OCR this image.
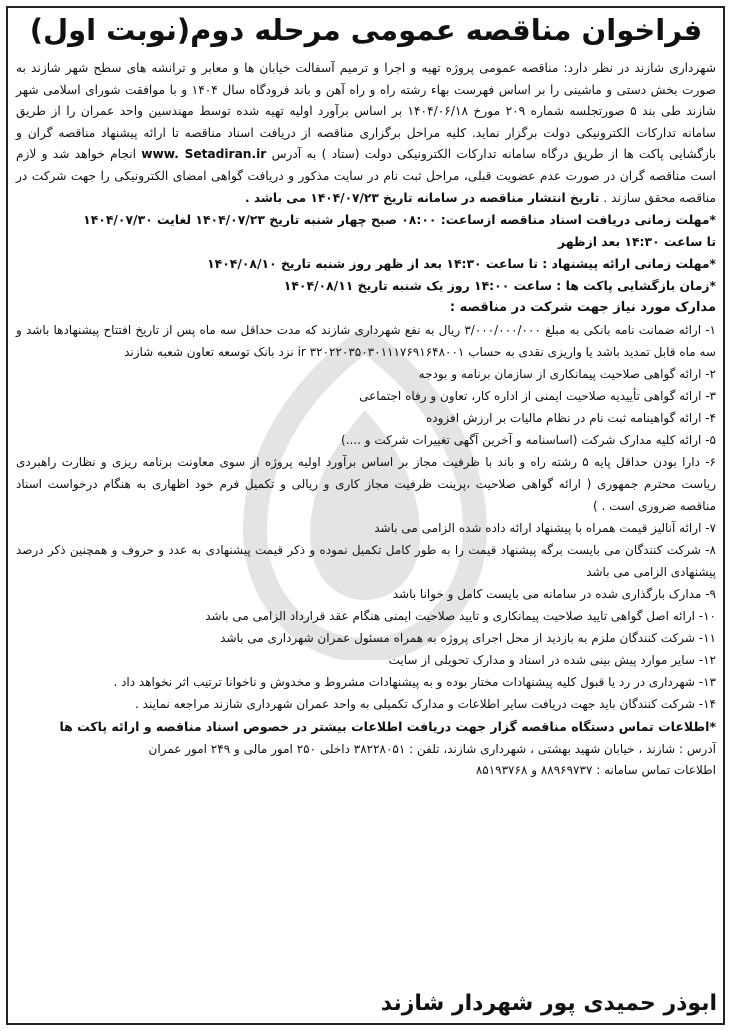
فراخوان مناقصه عمومی مرحله دوم(نوبت اول)

شهرداری شازند در نظر دارد: مناقصه عمومی پروژه تهیه و اجرا و ترمیم آسفالت خیابان ها و معابر و ترانشه های سطح شهر شازند به صورت بخش دستی و ماشینی را بر اساس فهرست بهاء رشته راه و راه آهن و باند فرودگاه سال ۱۴۰۴ و با موافقت شورای اسلامی شهر شازند طی بند ۵ صورتجلسه شماره ۲۰۹ مورخ ۱۴۰۴/۰۶/۱۸ بر اساس برآورد اولیه تهیه شده توسط مهندسین واحد عمران را از طریق سامانه تدارکات الکترونیکی دولت برگزار نماید. کلیه مراحل برگزاری مناقصه از دریافت اسناد مناقصه تا ارائه پیشنهاد مناقصه گران و بازگشایی پاکت ها از طریق درگاه سامانه تدارکات الکترونیکی دولت (ستاد ) به آدرس www. Setadiran.ir انجام خواهد شد و لازم است مناقصه گران در صورت عدم عضویت قبلی، مراحل ثبت نام در سایت مذکور و دریافت گواهی امضای الکترونیکی را جهت شرکت در مناقصه محقق سازند . تاریخ انتشار مناقصه در سامانه تاریخ ۱۴۰۴/۰۷/۲۳ می باشد .

*مهلت زمانی دریافت اسناد مناقصه ازساعت: ۰۸:۰۰ صبح چهار شنبه تاریخ ۱۴۰۴/۰۷/۲۳ لغایت ۱۴۰۴/۰۷/۳۰

تا ساعت ۱۴:۳۰ بعد ازظهر

*مهلت زمانی ارائه پیشنهاد : تا ساعت ۱۴:۳۰ بعد از ظهر روز شنبه تاریخ ۱۴۰۴/۰۸/۱۰

*زمان بازگشایی پاکت ها : ساعت ۱۴:۰۰ روز یک شنبه تاریخ ۱۴۰۴/۰۸/۱۱

مدارک مورد نیاز جهت شرکت در مناقصه :

۱- ارائه ضمانت نامه بانکی به مبلغ ۳/۰۰۰/۰۰۰/۰۰۰ ریال به نفع شهرداری شازند که مدت حداقل سه ماه پس از تاریخ افتتاح پیشنهادها باشد و سه ماه قابل تمدید باشد یا واریزی نقدی به حساب ir ۳۲۰۲۲۰۳۵۰۳۰۱۱۱۷۶۹۱۶۴۸۰۰۱ نزد بانک توسعه تعاون شعبه شازند
۲- ارائه گواهی صلاحیت پیمانکاری از سازمان برنامه و بودجه
۳- ارائه گواهی تأییدیه صلاحیت ایمنی از اداره کار، تعاون و رفاه اجتماعی
۴- ارائه گواهینامه ثبت نام در نظام مالیات بر ارزش افزوده
۵- ارائه کلیه مدارک شرکت (اساسنامه و آخرین آگهی تغییرات شرکت و ....)
۶- دارا بودن حداقل پایه ۵ رشته راه و باند با ظرفیت مجاز بر اساس برآورد اولیه پروژه از سوی معاونت برنامه ریزی و نظارت راهبردی ریاست محترم جمهوری ( ارائه گواهی صلاحیت ،پرینت ظرفیت مجاز کاری و ریالی و تکمیل فرم خود اظهاری به هنگام درخواست اسناد مناقصه ضروری است . )
۷- ارائه آنالیز قیمت همراه با پیشنهاد ارائه داده شده الزامی می باشد
۸- شرکت کنندگان می بایست برگه پیشنهاد قیمت را به طور کامل تکمیل نموده و ذکر قیمت پیشنهادی به عدد و حروف و همچنین ذکر درصد پیشنهادی الزامی می باشد
۹- مدارک بارگذاری شده در سامانه می بایست کامل و خوانا باشد
۱۰- ارائه اصل گواهی تایید صلاحیت پیمانکاری و تایید صلاحیت ایمنی هنگام عقد قرارداد الزامی می باشد
۱۱- شرکت کنندگان ملزم به بازدید از محل اجرای پروژه به همراه مسئول عمران شهرداری می باشد
۱۲- سایر موارد پیش بینی شده در اسناد و مدارک تحویلی از سایت
۱۳- شهرداری در رد یا قبول کلیه پیشنهادات مختار بوده و به پیشنهادات مشروط و مخدوش و ناخوانا ترتیب اثر نخواهد داد .
۱۴- شرکت کنندگان باید جهت دریافت سایر اطلاعات و مدارک تکمیلی به واحد عمران شهرداری شازند مراجعه نمایند .

*اطلاعات تماس دستگاه مناقصه گزار جهت دریافت اطلاعات بیشتر در خصوص اسناد مناقصه و ارائه پاکت ها

آدرس : شازند ، خیابان شهید بهشتی ، شهرداری شازند، تلفن : ۳۸۲۲۸۰۵۱ داخلی ۲۵۰ امور مالی و ۲۴۹ امور عمران

اطلاعات تماس سامانه : ۸۸۹۶۹۷۳۷ و ۸۵۱۹۳۷۶۸

ابوذر حمیدی پور شهردار شازند
